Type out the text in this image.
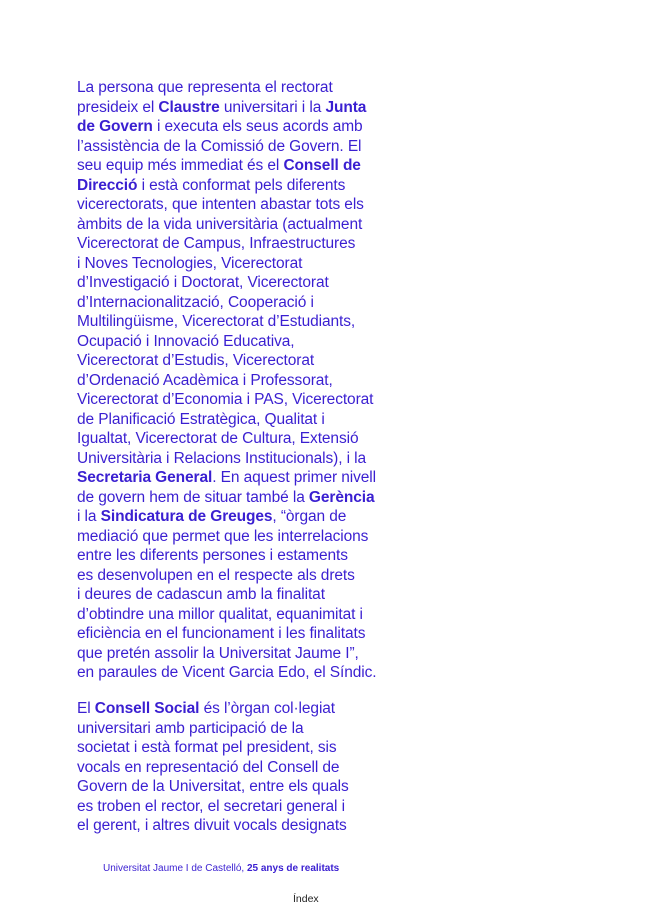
La persona que representa el rectorat
presideix el Claustre universitari i la Junta
de Govern i executa els seus acords amb
l’assistència de la Comissió de Govern. El
seu equip més immediat és el Consell de
Direcció i està conformat pels diferents
vicerectorats, que intenten abastar tots els
àmbits de la vida universitària (actualment
Vicerectorat de Campus, Infraestructures
i Noves Tecnologies, Vicerectorat
d’Investigació i Doctorat, Vicerectorat
d’Internacionalització, Cooperació i
Multilingüisme, Vicerectorat d’Estudiants,
Ocupació i Innovació Educativa,
Vicerectorat d’Estudis, Vicerectorat
d’Ordenació Acadèmica i Professorat,
Vicerectorat d’Economia i PAS, Vicerectorat
de Planificació Estratègica, Qualitat i
Igualtat, Vicerectorat de Cultura, Extensió
Universitària i Relacions Institucionals), i la
Secretaria General. En aquest primer nivell
de govern hem de situar també la Gerència
i la Sindicatura de Greuges, “òrgan de
mediació que permet que les interrelacions
entre les diferents persones i estaments
es desenvolupen en el respecte als drets
i deures de cadascun amb la finalitat
d’obtindre una millor qualitat, equanimitat i
eficiència en el funcionament i les finalitats
que pretén assolir la Universitat Jaume I”,
en paraules de Vicent Garcia Edo, el Síndic.
El Consell Social és l’òrgan col·legiat
universitari amb participació de la
societat i està format pel president, sis
vocals en representació del Consell de
Govern de la Universitat, entre els quals
es troben el rector, el secretari general i
el gerent, i altres divuit vocals designats
Universitat Jaume I de Castelló, 25 anys de realitats
Índex
